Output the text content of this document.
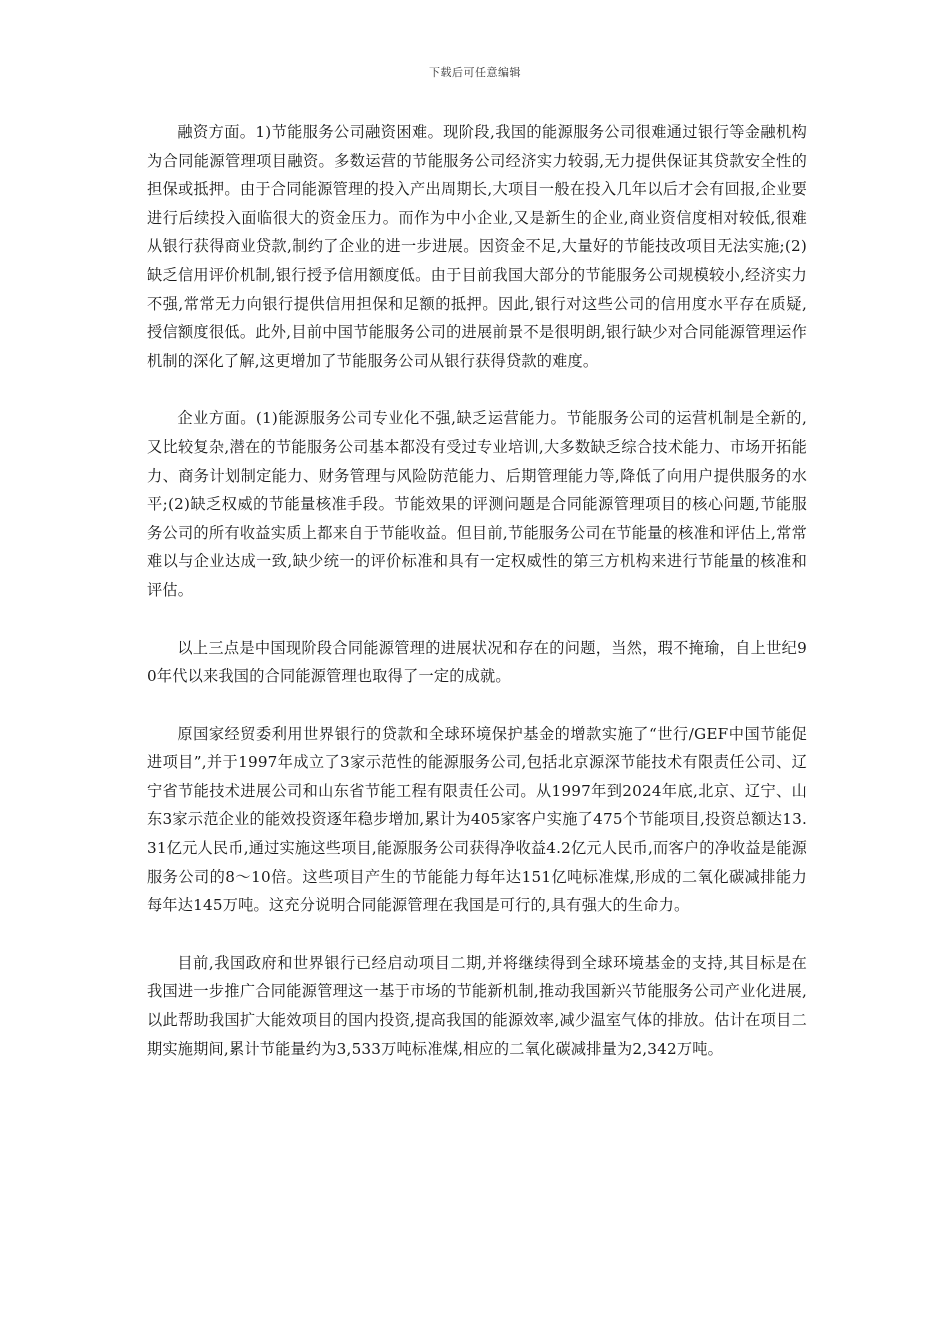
下载后可任意编辑

融资方面。1)节能服务公司融资困难。现阶段,我国的能源服务公司很难通过银行等金融机构为合同能源管理项目融资。多数运营的节能服务公司经济实力较弱,无力提供保证其贷款安全性的担保或抵押。由于合同能源管理的投入产出周期长,大项目一般在投入几年以后才会有回报,企业要进行后续投入面临很大的资金压力。而作为中小企业,又是新生的企业,商业资信度相对较低,很难从银行获得商业贷款,制约了企业的进一步进展。因资金不足,大量好的节能技改项目无法实施;(2)缺乏信用评价机制,银行授予信用额度低。由于目前我国大部分的节能服务公司规模较小,经济实力不强,常常无力向银行提供信用担保和足额的抵押。因此,银行对这些公司的信用度水平存在质疑,授信额度很低。此外,目前中国节能服务公司的进展前景不是很明朗,银行缺少对合同能源管理运作机制的深化了解,这更增加了节能服务公司从银行获得贷款的难度。

企业方面。(1)能源服务公司专业化不强,缺乏运营能力。节能服务公司的运营机制是全新的,又比较复杂,潜在的节能服务公司基本都没有受过专业培训,大多数缺乏综合技术能力、市场开拓能力、商务计划制定能力、财务管理与风险防范能力、后期管理能力等,降低了向用户提供服务的水平;(2)缺乏权威的节能量核准手段。节能效果的评测问题是合同能源管理项目的核心问题,节能服务公司的所有收益实质上都来自于节能收益。但目前,节能服务公司在节能量的核准和评估上,常常难以与企业达成一致,缺少统一的评价标准和具有一定权威性的第三方机构来进行节能量的核准和评估。

以上三点是中国现阶段合同能源管理的进展状况和存在的问题，当然，瑕不掩瑜，自上世纪90年代以来我国的合同能源管理也取得了一定的成就。

原国家经贸委利用世界银行的贷款和全球环境保护基金的增款实施了“世行/GEF中国节能促进项目”,并于1997年成立了3家示范性的能源服务公司,包括北京源深节能技术有限责任公司、辽宁省节能技术进展公司和山东省节能工程有限责任公司。从1997年到2024年底,北京、辽宁、山东3家示范企业的能效投资逐年稳步增加,累计为405家客户实施了475个节能项目,投资总额达13.31亿元人民币,通过实施这些项目,能源服务公司获得净收益4.2亿元人民币,而客户的净收益是能源服务公司的8～10倍。这些项目产生的节能能力每年达151亿吨标准煤,形成的二氧化碳减排能力每年达145万吨。这充分说明合同能源管理在我国是可行的,具有强大的生命力。

目前,我国政府和世界银行已经启动项目二期,并将继续得到全球环境基金的支持,其目标是在我国进一步推广合同能源管理这一基于市场的节能新机制,推动我国新兴节能服务公司产业化进展,以此帮助我国扩大能效项目的国内投资,提高我国的能源效率,减少温室气体的排放。估计在项目二期实施期间,累计节能量约为3,533万吨标准煤,相应的二氧化碳减排量为2,342万吨。
